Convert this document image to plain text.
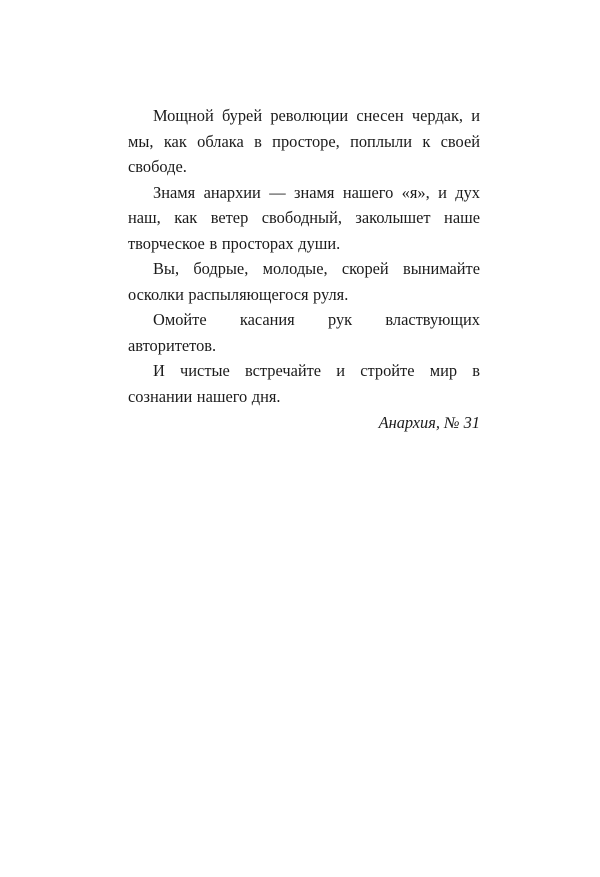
Мощной бурей революции снесен чердак, и мы, как облака в просторе, поплыли к своей свободе.

Знамя анархии — знамя нашего «я», и дух наш, как ветер свободный, заколышет наше творческое в просторах души.

Вы, бодрые, молодые, скорей вынимайте осколки распыляющегося руля.

Омойте касания рук властвующих авторитетов.

И чистые встречайте и стройте мир в сознании нашего дня.

Анархия, № 31
